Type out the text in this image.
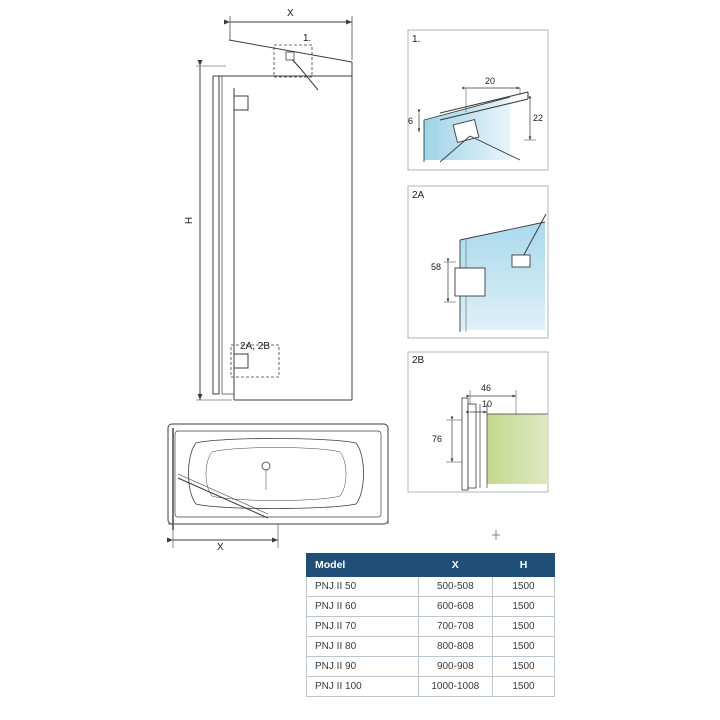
X
H
1.
2A, 2B
X
1.
20
6	22
2A
58
2B
46
10
76
Model	X	H
PNJ II 50	500-508	1500
PNJ II 60	600-608	1500
PNJ II 70	700-708	1500
PNJ II 80	800-808	1500
PNJ II 90	900-908	1500
PNJ II 100	1000-1008	1500
